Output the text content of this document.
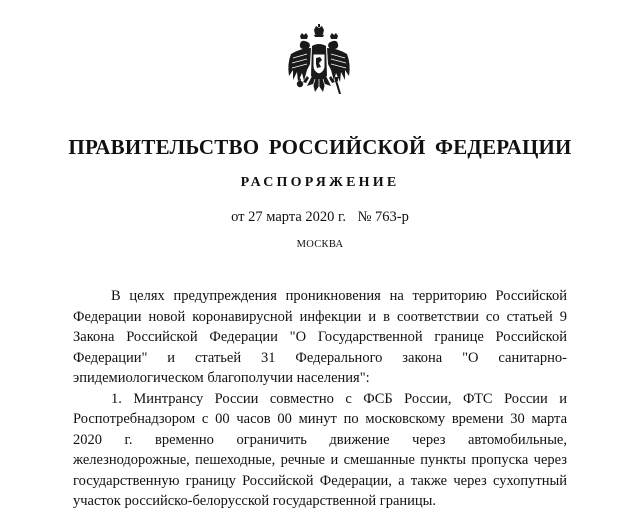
ПРАВИТЕЛЬСТВО РОССИЙСКОЙ ФЕДЕРАЦИИ
РАСПОРЯЖЕНИЕ
от 27 марта 2020 г. № 763-р
МОСКВА

В целях предупреждения проникновения на территорию Российской Федерации новой коронавирусной инфекции и в соответствии со статьей 9 Закона Российской Федерации "О Государственной границе Российской Федерации" и статьей 31 Федерального закона "О санитарно-эпидемиологическом благополучии населения":

1. Минтрансу России совместно с ФСБ России, ФТС России и Роспотребнадзором с 00 часов 00 минут по московскому времени 30 марта 2020 г. временно ограничить движение через автомобильные, железнодорожные, пешеходные, речные и смешанные пункты пропуска через государственную границу Российской Федерации, а также через сухопутный участок российско-белорусской государственной границы.
